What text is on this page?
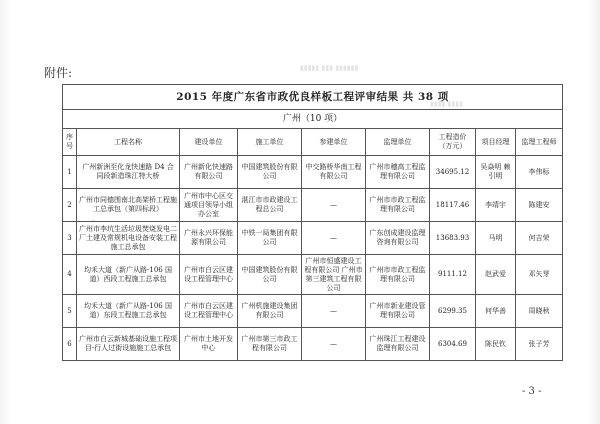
▮▮▮▮▮ ▮▮▮ ▮▮▮▮▮▮
▮▮▮▮ ▮▮▮▮
附件:
2015 年度广东省市政优良样板工程评审结果 共 38 项								
广州（10 项）								
序号	工程名称	建设单位	施工单位	参建单位	监理单位	工程造价（万元）	项目经理	监理工程师
1	广州新洲至化龙快速路 D4 合同段新造珠江特大桥	广州新化快速路有限公司	中国建筑股份有限公司	中交路桥华南工程有限公司	广州市穗高工程监理有限公司	34695.12	吴焱明 赖引明	李伟标
2	广州市同德围南北高架桥工程施工总承包（第四标段）	广州市中心区交通项目领导小组办公室	湛江市市政建设工程总公司	—	广州市市政工程监理有限公司	18117.46	李靖宇	陈建安
3	广州市李坑生活垃圾焚烧发电二厂土建及常规机电设备安装工程施工总承包	广州永兴环保能源有限公司	中铁一局集团有限公司	—	广东创成建设监理咨询有限公司	13683.93	马明	何吉荣
4	均禾大道（新广从路-106 国道）西段工程施工总承包	广州市白云区建设工程管理中心	中国建筑股份有限公司	广州市恒盛建设工程有限公司 广州市第三建筑工程有限公司	广州市市政工程监理有限公司	9111.12	赵武爱	邓矢芽
5	均禾大道（新广从路-106 国道）东段工程施工总承包	广州市白云区建设工程管理中心	广州机施建设集团有限公司	—	广州市新业建设管理有限公司	6299.35	何华善	周晓秋
6	广州市白云新城基础设施工程项目-行人过街设施施工总承包	广州市土地开发中心	广州市第三市政工程有限公司	—	广州珠江工程建设监理有限公司	6304.69	陈民钦	张子芳
- 3 -
